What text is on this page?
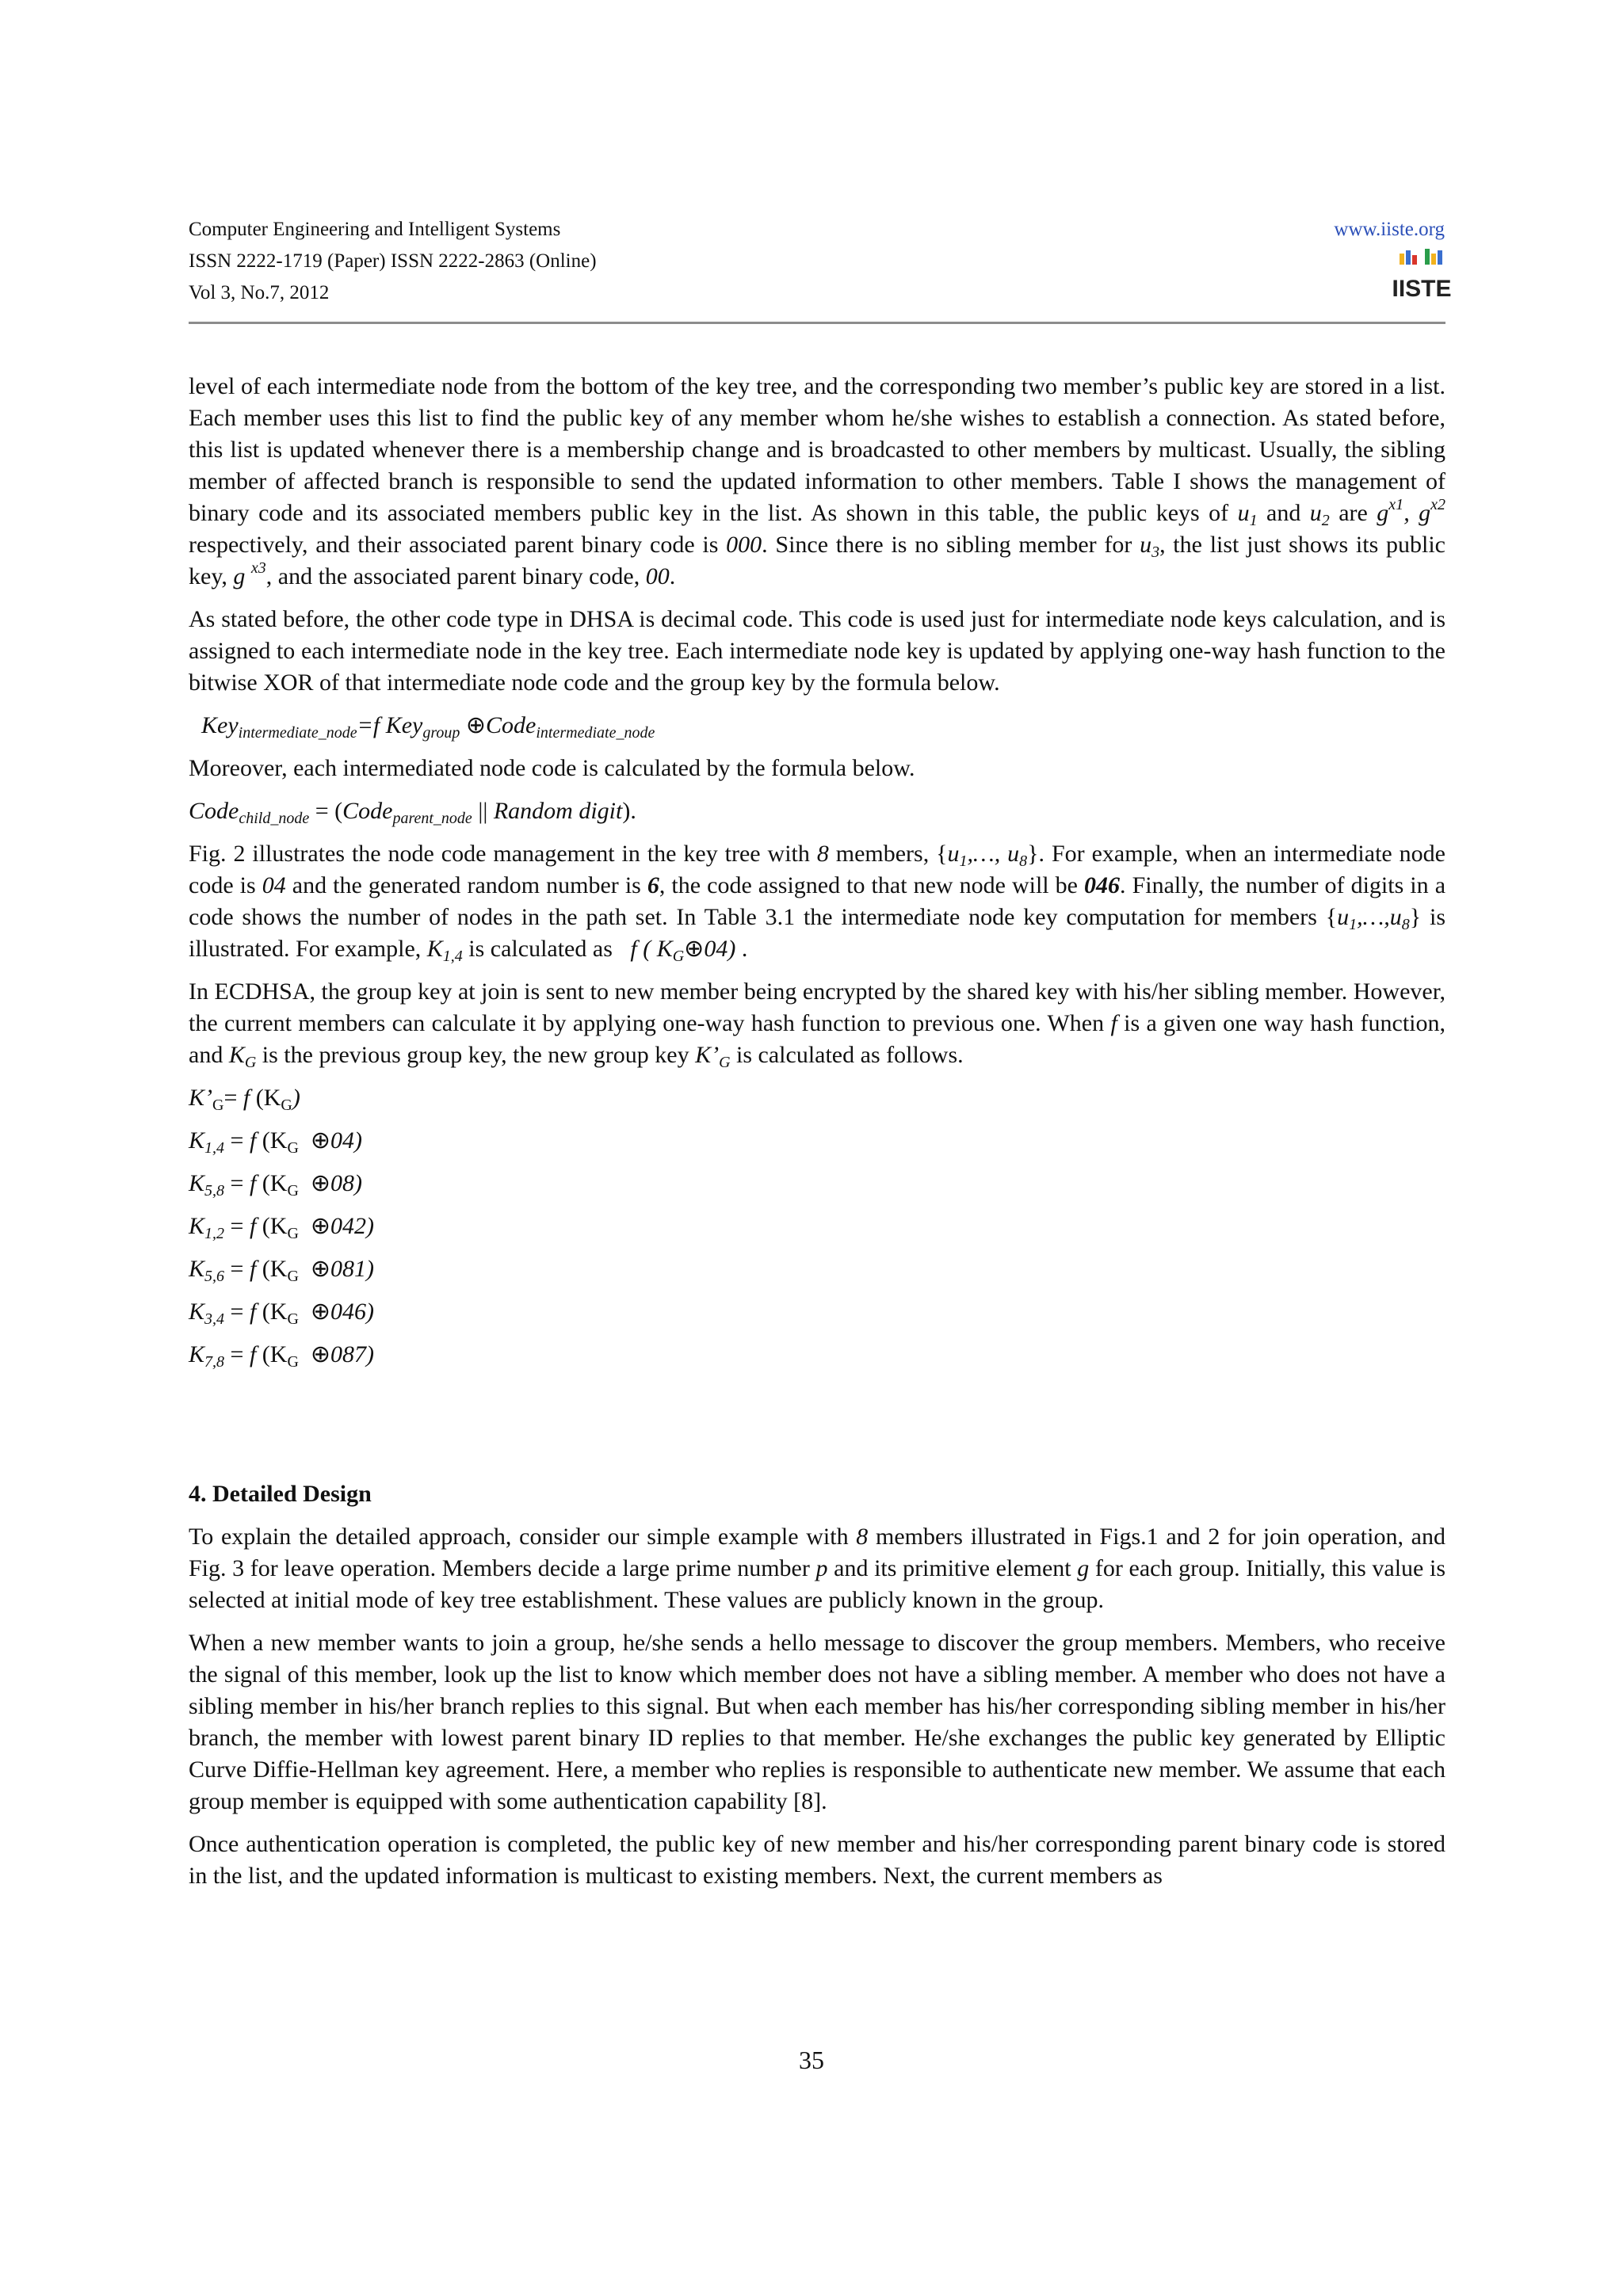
Computer Engineering and Intelligent Systems
ISSN 2222-1719 (Paper) ISSN 2222-2863 (Online)
Vol 3, No.7, 2012
www.iiste.org
IISTE

level of each intermediate node from the bottom of the key tree, and the corresponding two member’s public key are stored in a list. Each member uses this list to find the public key of any member whom he/she wishes to establish a connection. As stated before, this list is updated whenever there is a membership change and is broadcasted to other members by multicast. Usually, the sibling member of affected branch is responsible to send the updated information to other members. Table I shows the management of binary code and its associated members public key in the list. As shown in this table, the public keys of $u_1$ and $u_2$ are $g^{x1}$, $g^{x2}$ respectively, and their associated parent binary code is 000. Since there is no sibling member for $u_3$, the list just shows its public key, g $^{x3}$, and the associated parent binary code, 00.

As stated before, the other code type in DHSA is decimal code. This code is used just for intermediate node keys calculation, and is assigned to each intermediate node in the key tree. Each intermediate node key is updated by applying one-way hash function to the bitwise XOR of that intermediate node code and the group key by the formula below.

Key$_{intermediate\_node}$=f Key$_{group}$ ⊕Code$_{intermediate\_node}$
Moreover, each intermediated node code is calculated by the formula below.
Code$_{child\_node}$ = (Code$_{parent\_node}$ || Random digit).

Fig. 2 illustrates the node code management in the key tree with 8 members, {$u_1,\dots$, $u_8$}. For example, when an intermediate node code is 04 and the generated random number is 6, the code assigned to that new node will be 046. Finally, the number of digits in a code shows the number of nodes in the path set. In Table 3.1 the intermediate node key computation for members $\{u_1,\dots,u_8\}$ is illustrated. For example, $K_{1,4}$ is calculated as   f ( $K_G\oplus 04$) .

In ECDHSA, the group key at join is sent to new member being encrypted by the shared key with his/her sibling member. However, the current members can calculate it by applying one-way hash function to previous one. When f is a given one way hash function, and $K_G$ is the previous group key, the new group key $K’_G$ is calculated as follows.

$K’_G= f$ $(K_G)$
$K_{1,4} = f$ ($K_G$ ⊕04)
$K_{5,8} = f$ ($K_G$ ⊕08)
$K_{1,2} = f$ ($K_G$ ⊕042)
$K_{5,6} = f$ ($K_G$ ⊕081)
$K_{3,4} = f$ ($K_G$ ⊕046)
$K_{7,8} = f$ ($K_G$ ⊕087)
4. Detailed Design

To explain the detailed approach, consider our simple example with 8 members illustrated in Figs.1 and 2 for join operation, and Fig. 3 for leave operation. Members decide a large prime number p and its primitive element g for each group. Initially, this value is selected at initial mode of key tree establishment. These values are publicly known in the group.

When a new member wants to join a group, he/she sends a hello message to discover the group members. Members, who receive the signal of this member, look up the list to know which member does not have a sibling member. A member who does not have a sibling member in his/her branch replies to this signal. But when each member has his/her corresponding sibling member in his/her branch, the member with lowest parent binary ID replies to that member. He/she exchanges the public key generated by Elliptic Curve Diffie-Hellman key agreement. Here, a member who replies is responsible to authenticate new member. We assume that each group member is equipped with some authentication capability [8].

Once authentication operation is completed, the public key of new member and his/her corresponding parent binary code is stored in the list, and the updated information is multicast to existing members. Next, the current members as

35
